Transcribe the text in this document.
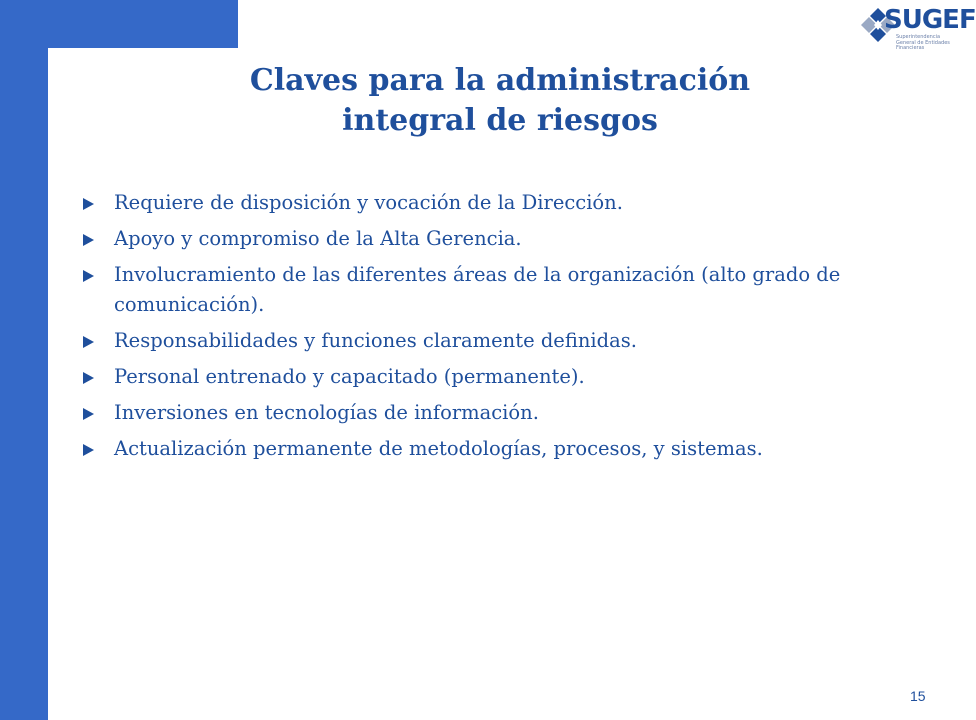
SUGEF
Superintendencia General de Entidades Financieras
Claves para la administración
integral de riesgos
Requiere de disposición y vocación de la Dirección.
Apoyo y compromiso de la Alta Gerencia.
Involucramiento de las diferentes áreas de la organización (alto grado de comunicación).
Responsabilidades y funciones claramente definidas.
Personal entrenado y capacitado (permanente).
Inversiones en tecnologías de información.
Actualización permanente de metodologías, procesos, y sistemas.
15
